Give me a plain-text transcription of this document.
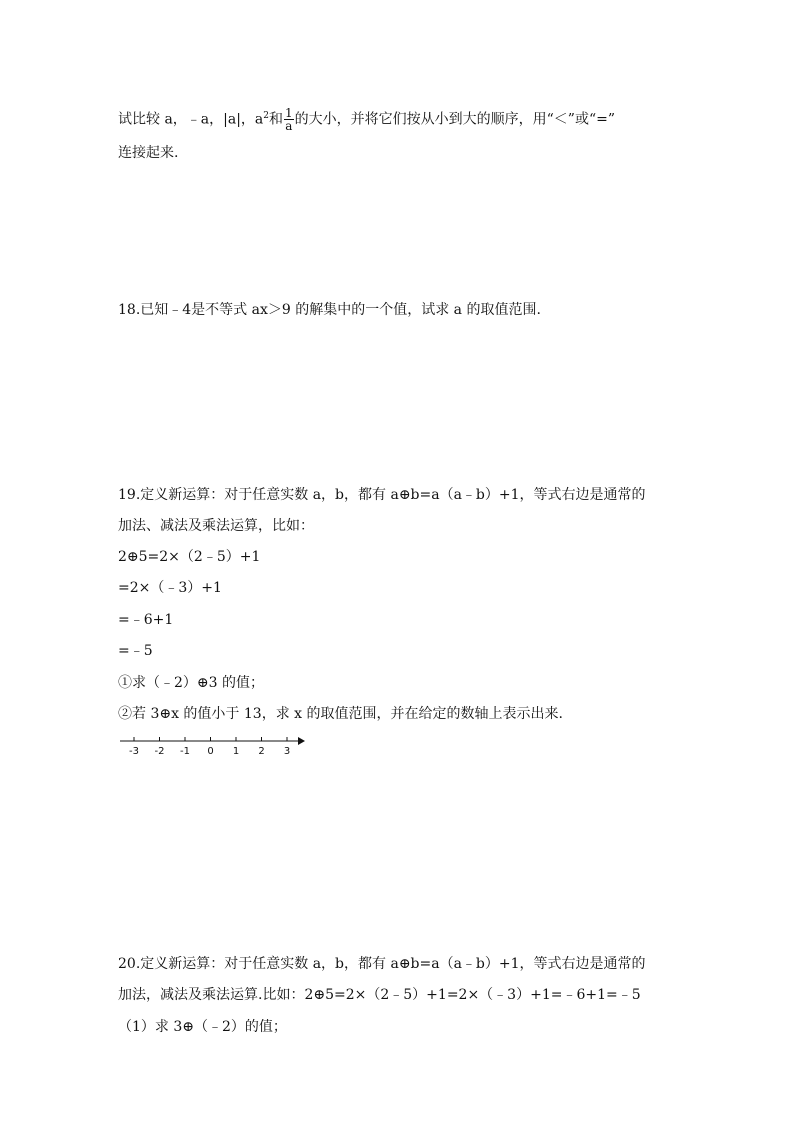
试比较 a，﹣a，|a|，$a^2$和 $\frac{1}{a}$ 的大小，并将它们按从小到大的顺序，用“＜”或“=”
连接起来.
18.已知﹣4是不等式 ax＞9 的解集中的一个值，试求 a 的取值范围.
19.定义新运算：对于任意实数 a，b，都有 a⊕b=a（a﹣b）+1，等式右边是通常的
加法、减法及乘法运算，比如：
2⊕5=2×（2﹣5）+1
=2×（﹣3）+1
=﹣6+1
=﹣5
①求（﹣2）⊕3 的值；
②若 3⊕x 的值小于 13，求 x 的取值范围，并在给定的数轴上表示出来.
-3 -2 -1 0 1 2 3
20.定义新运算：对于任意实数 a，b，都有 a⊕b=a（a﹣b）+1，等式右边是通常的
加法，减法及乘法运算.比如：2⊕5=2×（2﹣5）+1=2×（﹣3）+1=﹣6+1=﹣5
（1）求 3⊕（﹣2）的值；
